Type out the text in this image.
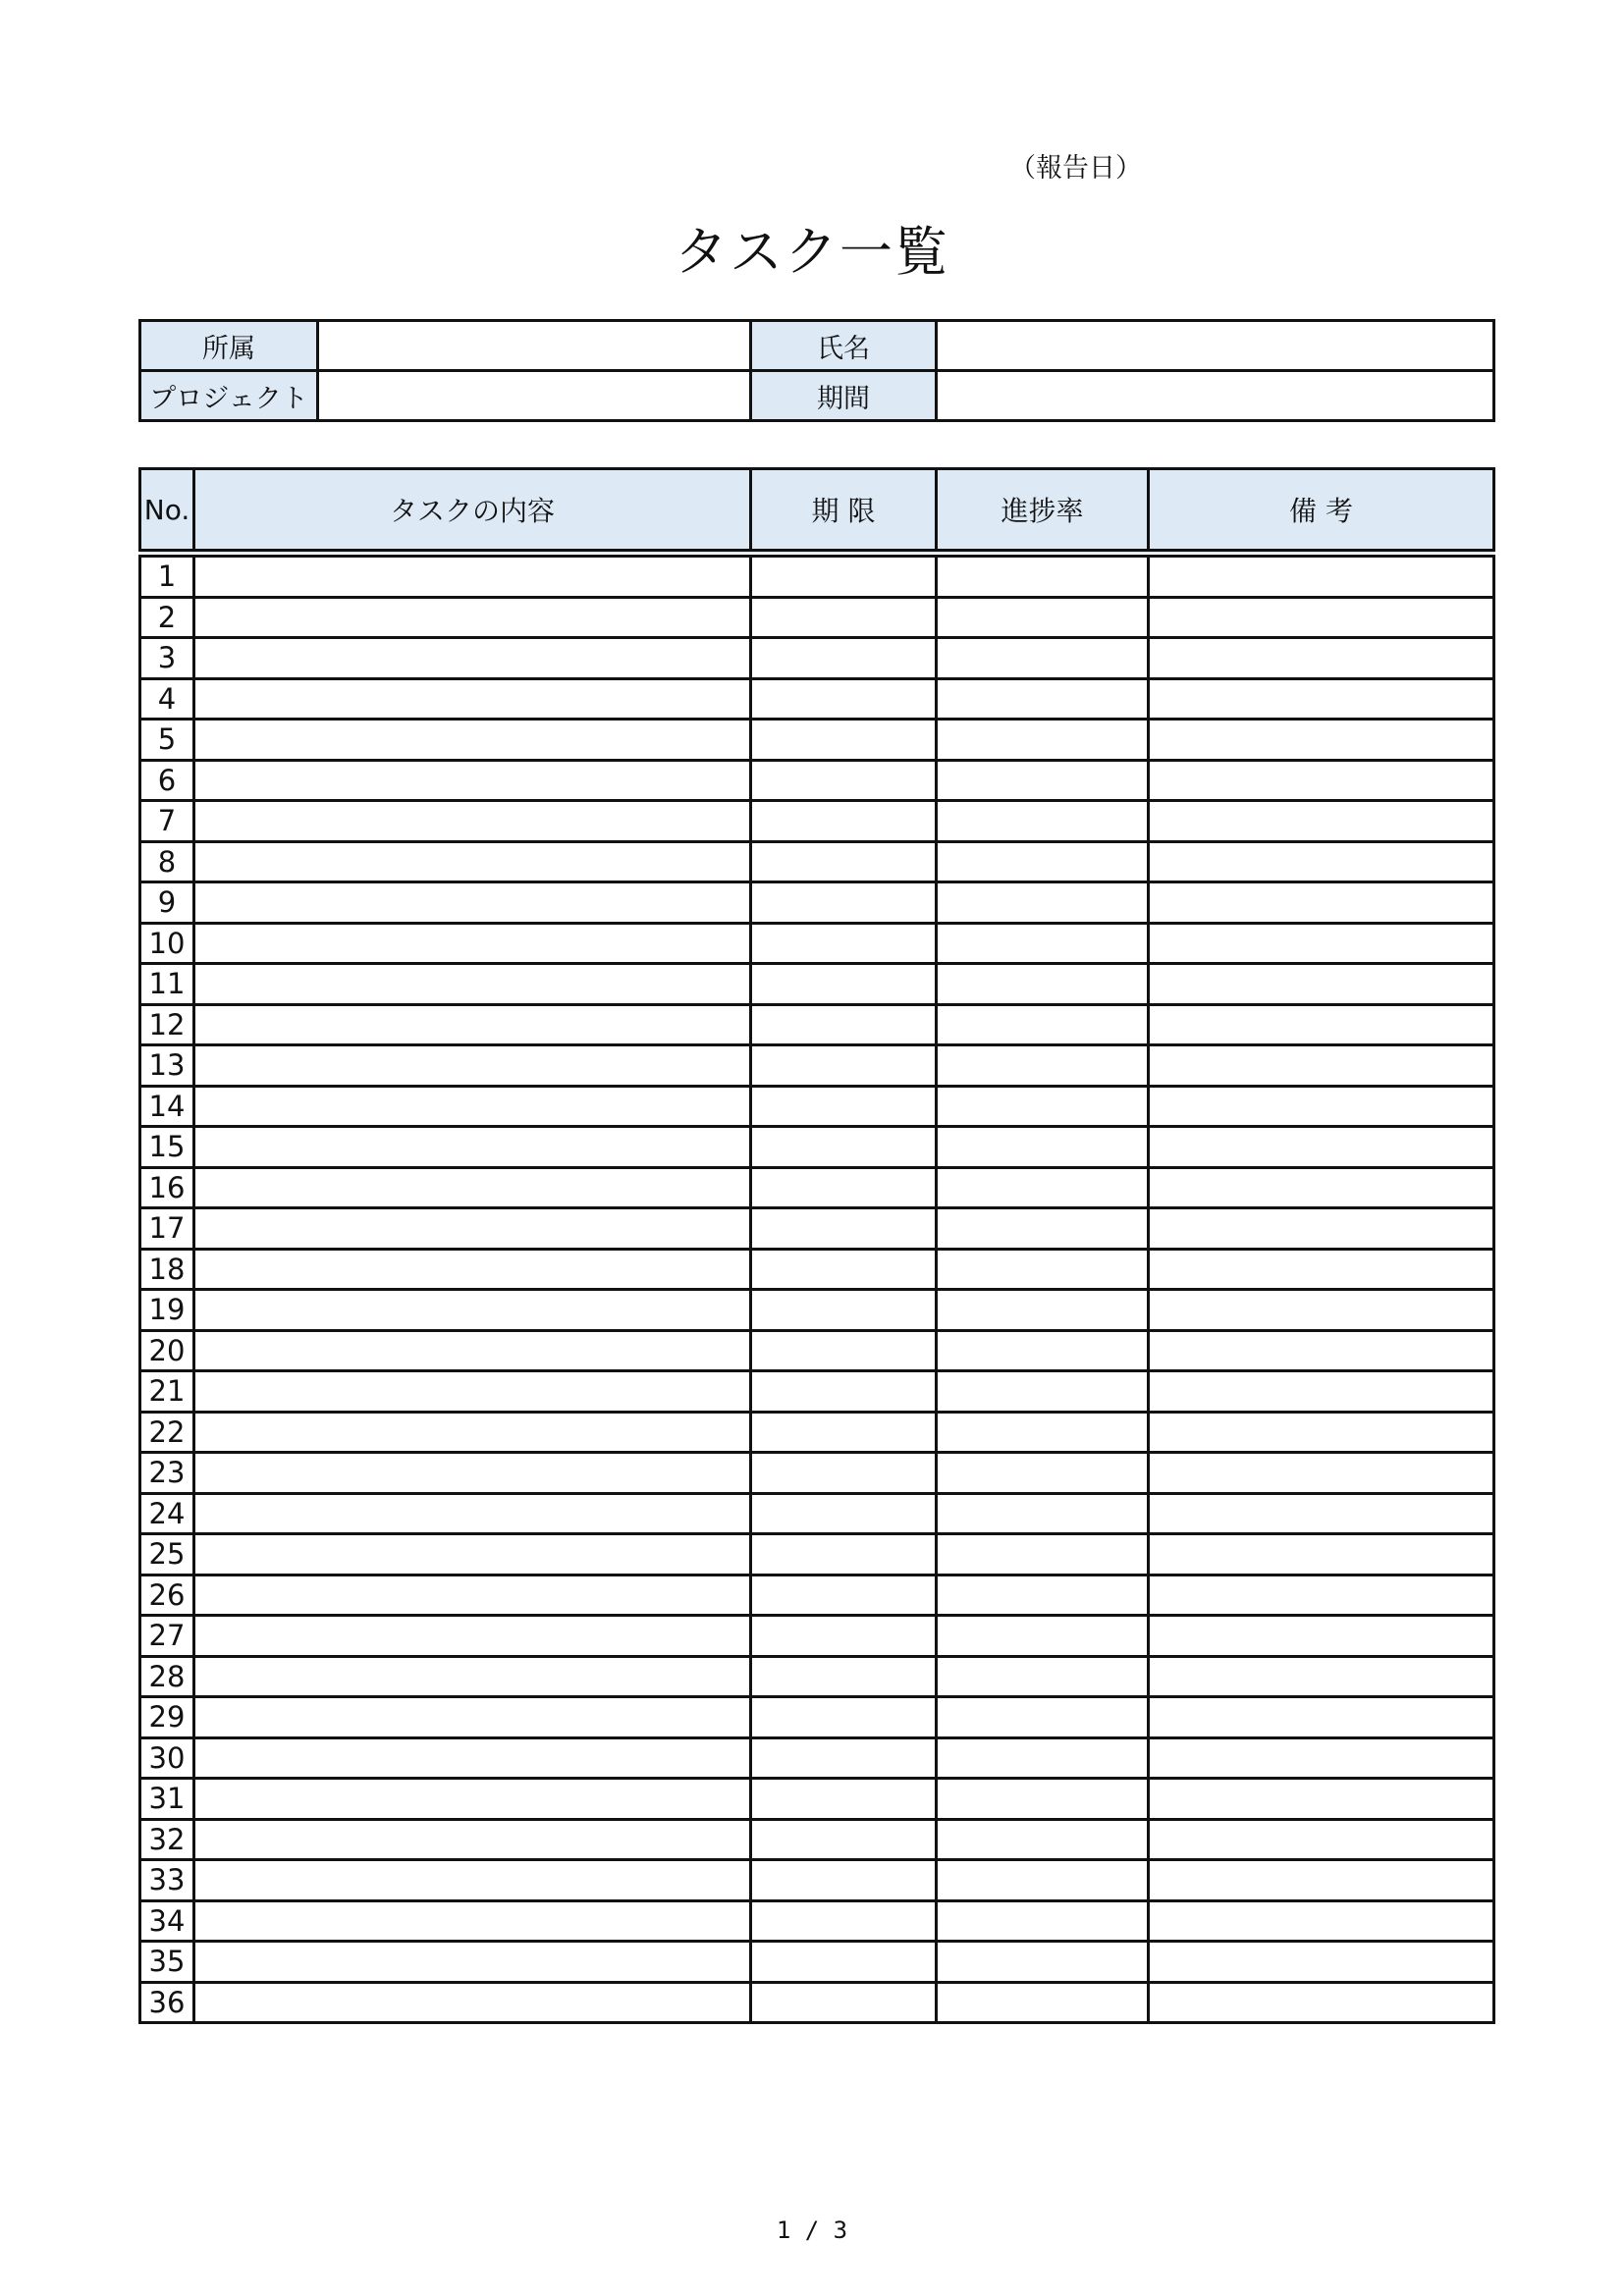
（報告日）
タスク一覧
所属		氏名	
プロジェクト		期間	
No.	タスクの内容	期 限	進捗率	備 考
1				
2				
3				
4				
5				
6				
7				
8				
9				
10				
11				
12				
13				
14				
15				
16				
17				
18				
19				
20				
21				
22				
23				
24				
25				
26				
27				
28				
29				
30				
31				
32				
33				
34				
35				
36				
1 / 3
